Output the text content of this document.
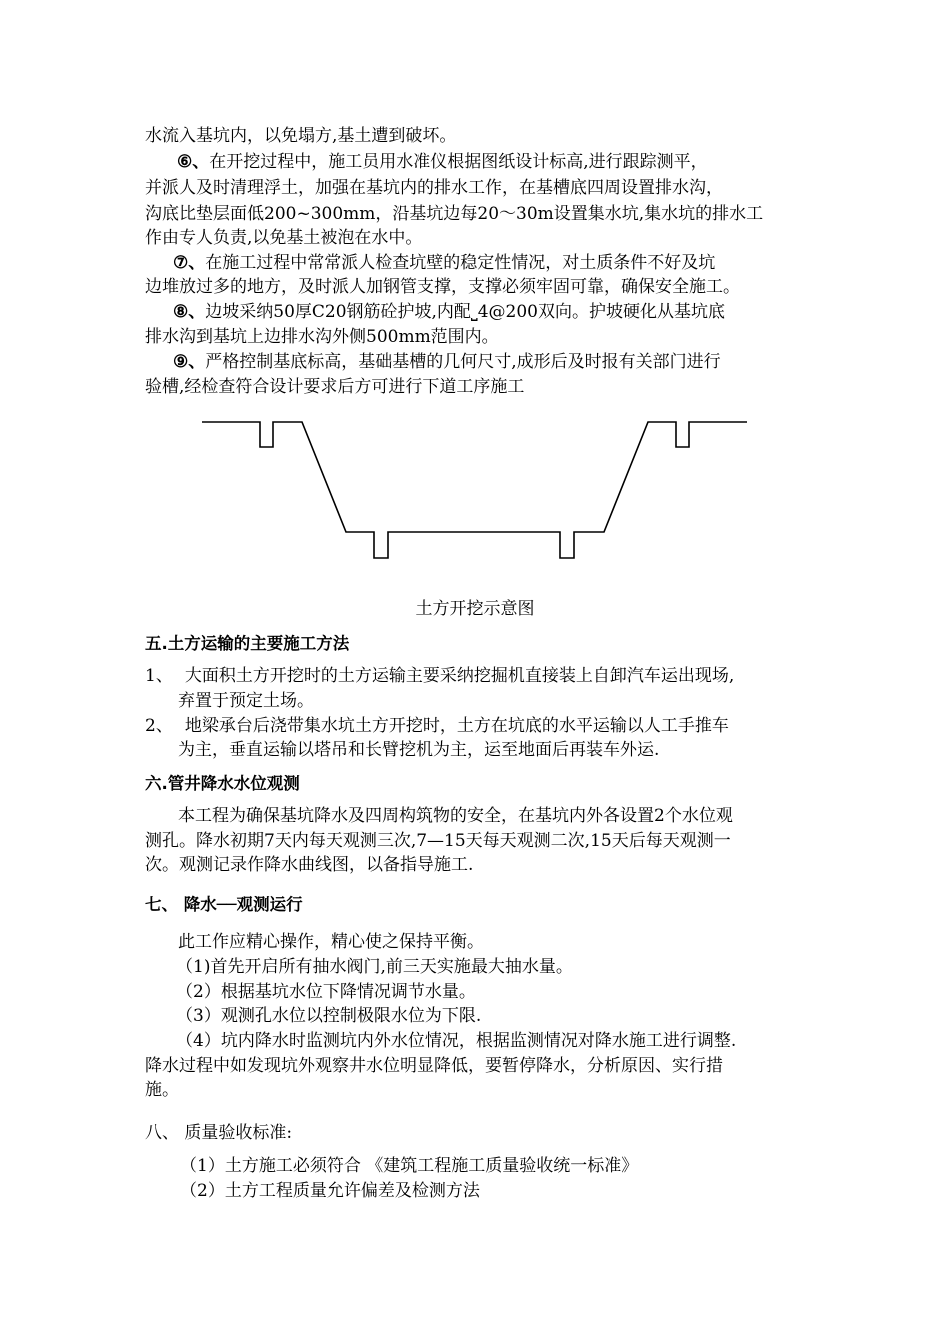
水流入基坑内，以免塌方,基土遭到破坏。
⑥、在开挖过程中，施工员用水准仪根据图纸设计标高,进行跟踪测平，
并派人及时清理浮土，加强在基坑内的排水工作，在基槽底四周设置排水沟，
沟底比垫层面低200~300mm，沿基坑边每20～30m设置集水坑,集水坑的排水工
作由专人负责,以免基土被泡在水中。
⑦、在施工过程中常常派人检查坑壁的稳定性情况，对土质条件不好及坑
边堆放过多的地方，及时派人加钢管支撑，支撑必须牢固可靠，确保安全施工。
⑧、边坡采纳50厚C20钢筋砼护坡,内配⎵4@200双向。护坡硬化从基坑底
排水沟到基坑上边排水沟外侧500mm范围内。
⑨、严格控制基底标高，基础基槽的几何尺寸,成形后及时报有关部门进行
验槽,经检查符合设计要求后方可进行下道工序施工
土方开挖示意图
五.土方运输的主要施工方法
1、 大面积土方开挖时的土方运输主要采纳挖掘机直接装上自卸汽车运出现场,
弃置于预定土场。
2、 地梁承台后浇带集水坑土方开挖时，土方在坑底的水平运输以人工手推车
为主，垂直运输以塔吊和长臂挖机为主，运至地面后再装车外运.
六.管井降水水位观测
本工程为确保基坑降水及四周构筑物的安全，在基坑内外各设置2个水位观
测孔。降水初期7天内每天观测三次,7—15天每天观测二次,15天后每天观测一
次。观测记录作降水曲线图，以备指导施工.
七、 降水──观测运行
此工作应精心操作，精心使之保持平衡。
（1)首先开启所有抽水阀门,前三天实施最大抽水量。
（2）根据基坑水位下降情况调节水量。
（3）观测孔水位以控制极限水位为下限.
（4）坑内降水时监测坑内外水位情况，根据监测情况对降水施工进行调整.
降水过程中如发现坑外观察井水位明显降低，要暂停降水，分析原因、实行措
施。
八、 质量验收标准:
（1）土方施工必须符合 《建筑工程施工质量验收统一标准》
（2）土方工程质量允许偏差及检测方法
